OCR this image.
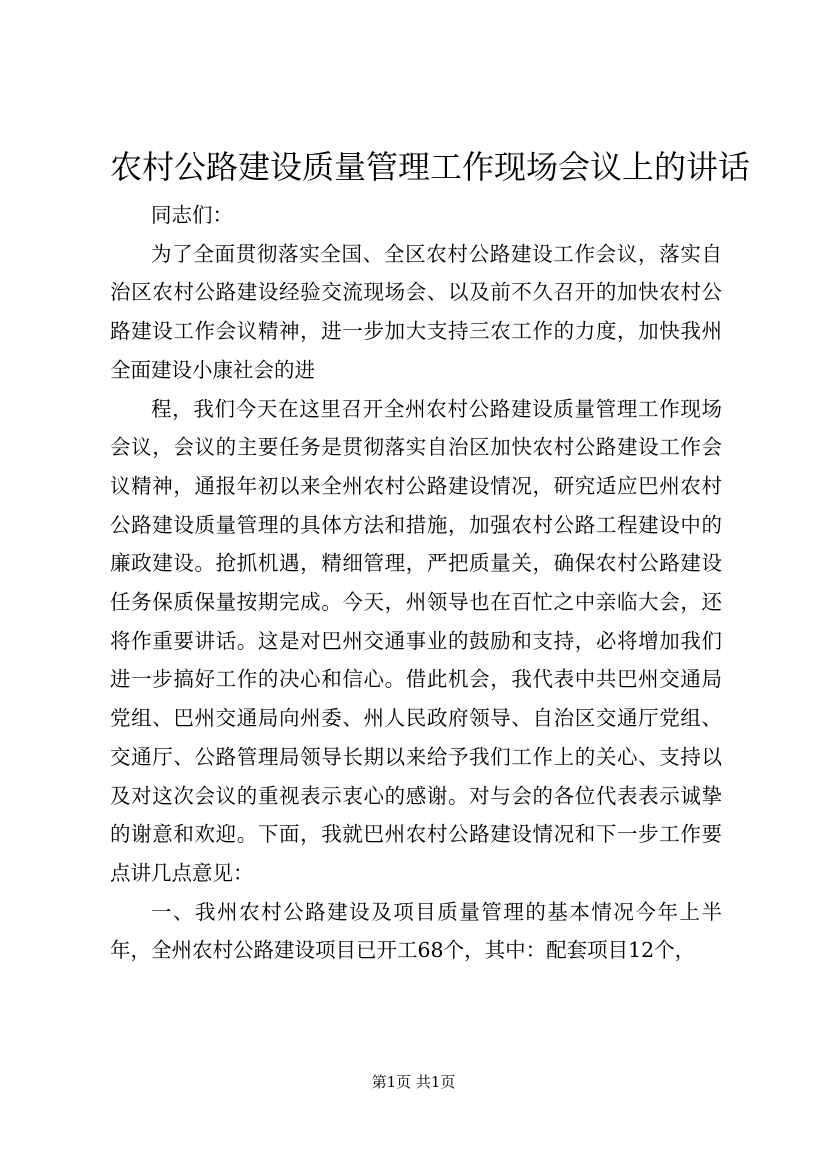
农村公路建设质量管理工作现场会议上的讲话

同志们：

为了全面贯彻落实全国、全区农村公路建设工作会议，落实自治区农村公路建设经验交流现场会、以及前不久召开的加快农村公路建设工作会议精神，进一步加大支持三农工作的力度，加快我州全面建设小康社会的进

程，我们今天在这里召开全州农村公路建设质量管理工作现场会议，会议的主要任务是贯彻落实自治区加快农村公路建设工作会议精神，通报年初以来全州农村公路建设情况，研究适应巴州农村公路建设质量管理的具体方法和措施，加强农村公路工程建设中的廉政建设。抢抓机遇，精细管理，严把质量关，确保农村公路建设任务保质保量按期完成。今天，州领导也在百忙之中亲临大会，还将作重要讲话。这是对巴州交通事业的鼓励和支持，必将增加我们进一步搞好工作的决心和信心。借此机会，我代表中共巴州交通局党组、巴州交通局向州委、州人民政府领导、自治区交通厅党组、交通厅、公路管理局领导长期以来给予我们工作上的关心、支持以及对这次会议的重视表示衷心的感谢。对与会的各位代表表示诚挚的谢意和欢迎。下面，我就巴州农村公路建设情况和下一步工作要点讲几点意见：

一、我州农村公路建设及项目质量管理的基本情况今年上半年，全州农村公路建设项目已开工68个，其中：配套项目12个，

第1页 共1页
